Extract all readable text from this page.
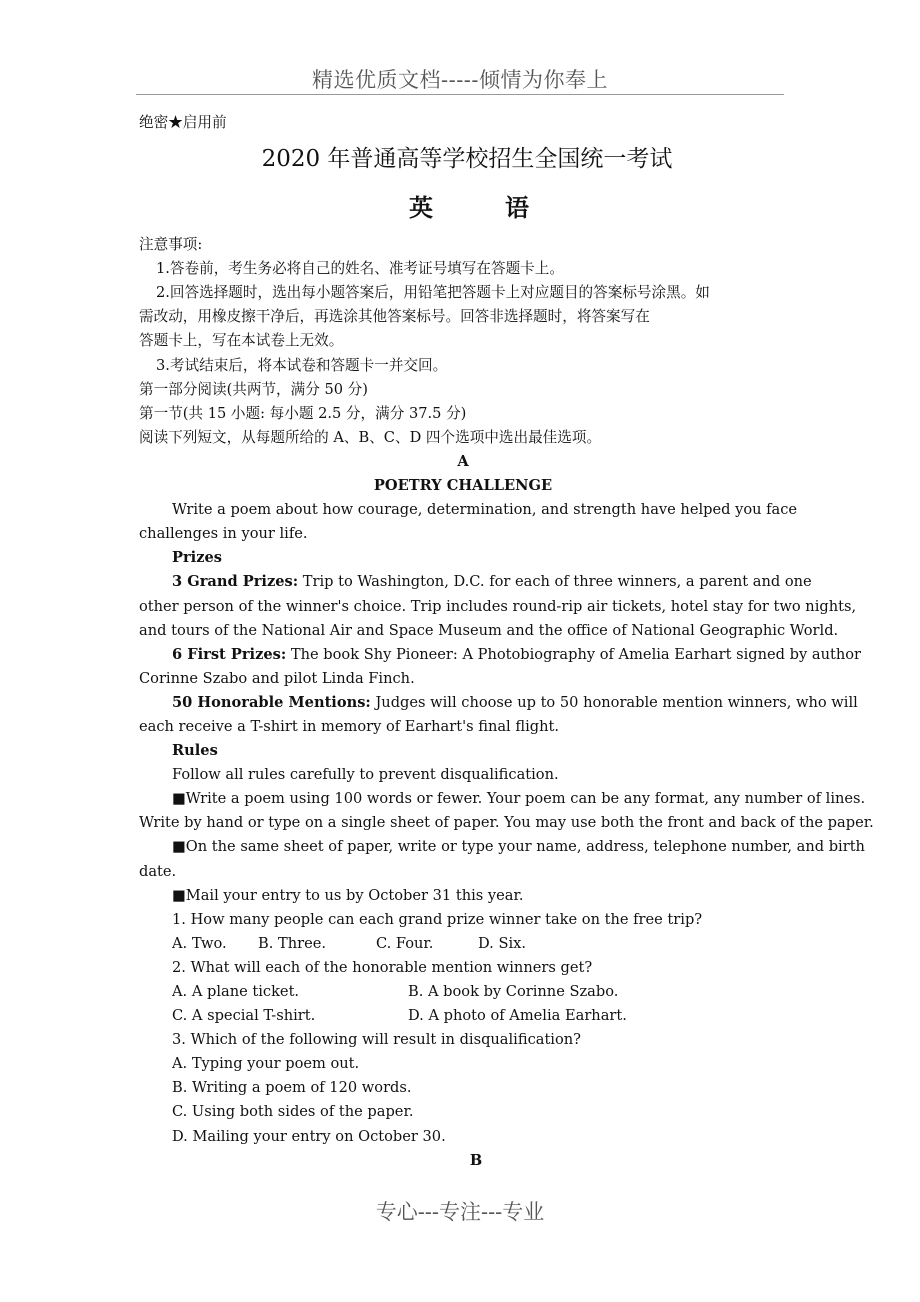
精选优质文档-----倾情为你奉上
绝密★启用前
2020 年普通高等学校招生全国统一考试
英	语
注意事项:
1.答卷前，考生务必将自己的姓名、准考证号填写在答题卡上。
2.回答选择题时，选出每小题答案后，用铅笔把答题卡上对应题目的答案标号涂黑。如
需改动，用橡皮擦干净后，再选涂其他答案标号。回答非选择题时，将答案写在
答题卡上，写在本试卷上无效。
3.考试结束后，将本试卷和答题卡一并交回。
第一部分阅读(共两节，满分 50 分)
第一节(共 15 小题: 每小题 2.5 分，满分 37.5 分)
阅读下列短文，从每题所给的 A、B、C、D 四个选项中选出最佳选项。
A
POETRY CHALLENGE
Write a poem about how courage, determination, and strength have helped you face
challenges in your life.
Prizes
3 Grand Prizes: Trip to Washington, D.C. for each of three winners, a parent and one
other person of the winner's choice. Trip includes round-rip air tickets, hotel stay for two nights,
and tours of the National Air and Space Museum and the office of National Geographic World.
6 First Prizes: The book Shy Pioneer: A Photobiography of Amelia Earhart signed by author
Corinne Szabo and pilot Linda Finch.
50 Honorable Mentions: Judges will choose up to 50 honorable mention winners, who will
each receive a T-shirt in memory of Earhart's final flight.
Rules
Follow all rules carefully to prevent disqualification.
■Write a poem using 100 words or fewer. Your poem can be any format, any number of lines.
Write by hand or type on a single sheet of paper. You may use both the front and back of the paper.
■On the same sheet of paper, write or type your name, address, telephone number, and birth
date.
■Mail your entry to us by October 31 this year.
1. How many people can each grand prize winner take on the free trip?
A. Two. B. Three.	C. Four.	D. Six.
2. What will each of the honorable mention winners get?
A. A plane ticket.	B. A book by Corinne Szabo.
C. A special T-shirt.	D. A photo of Amelia Earhart.
3. Which of the following will result in disqualification?
A. Typing your poem out.
B. Writing a poem of 120 words.
C. Using both sides of the paper.
D. Mailing your entry on October 30.
B
专心---专注---专业
